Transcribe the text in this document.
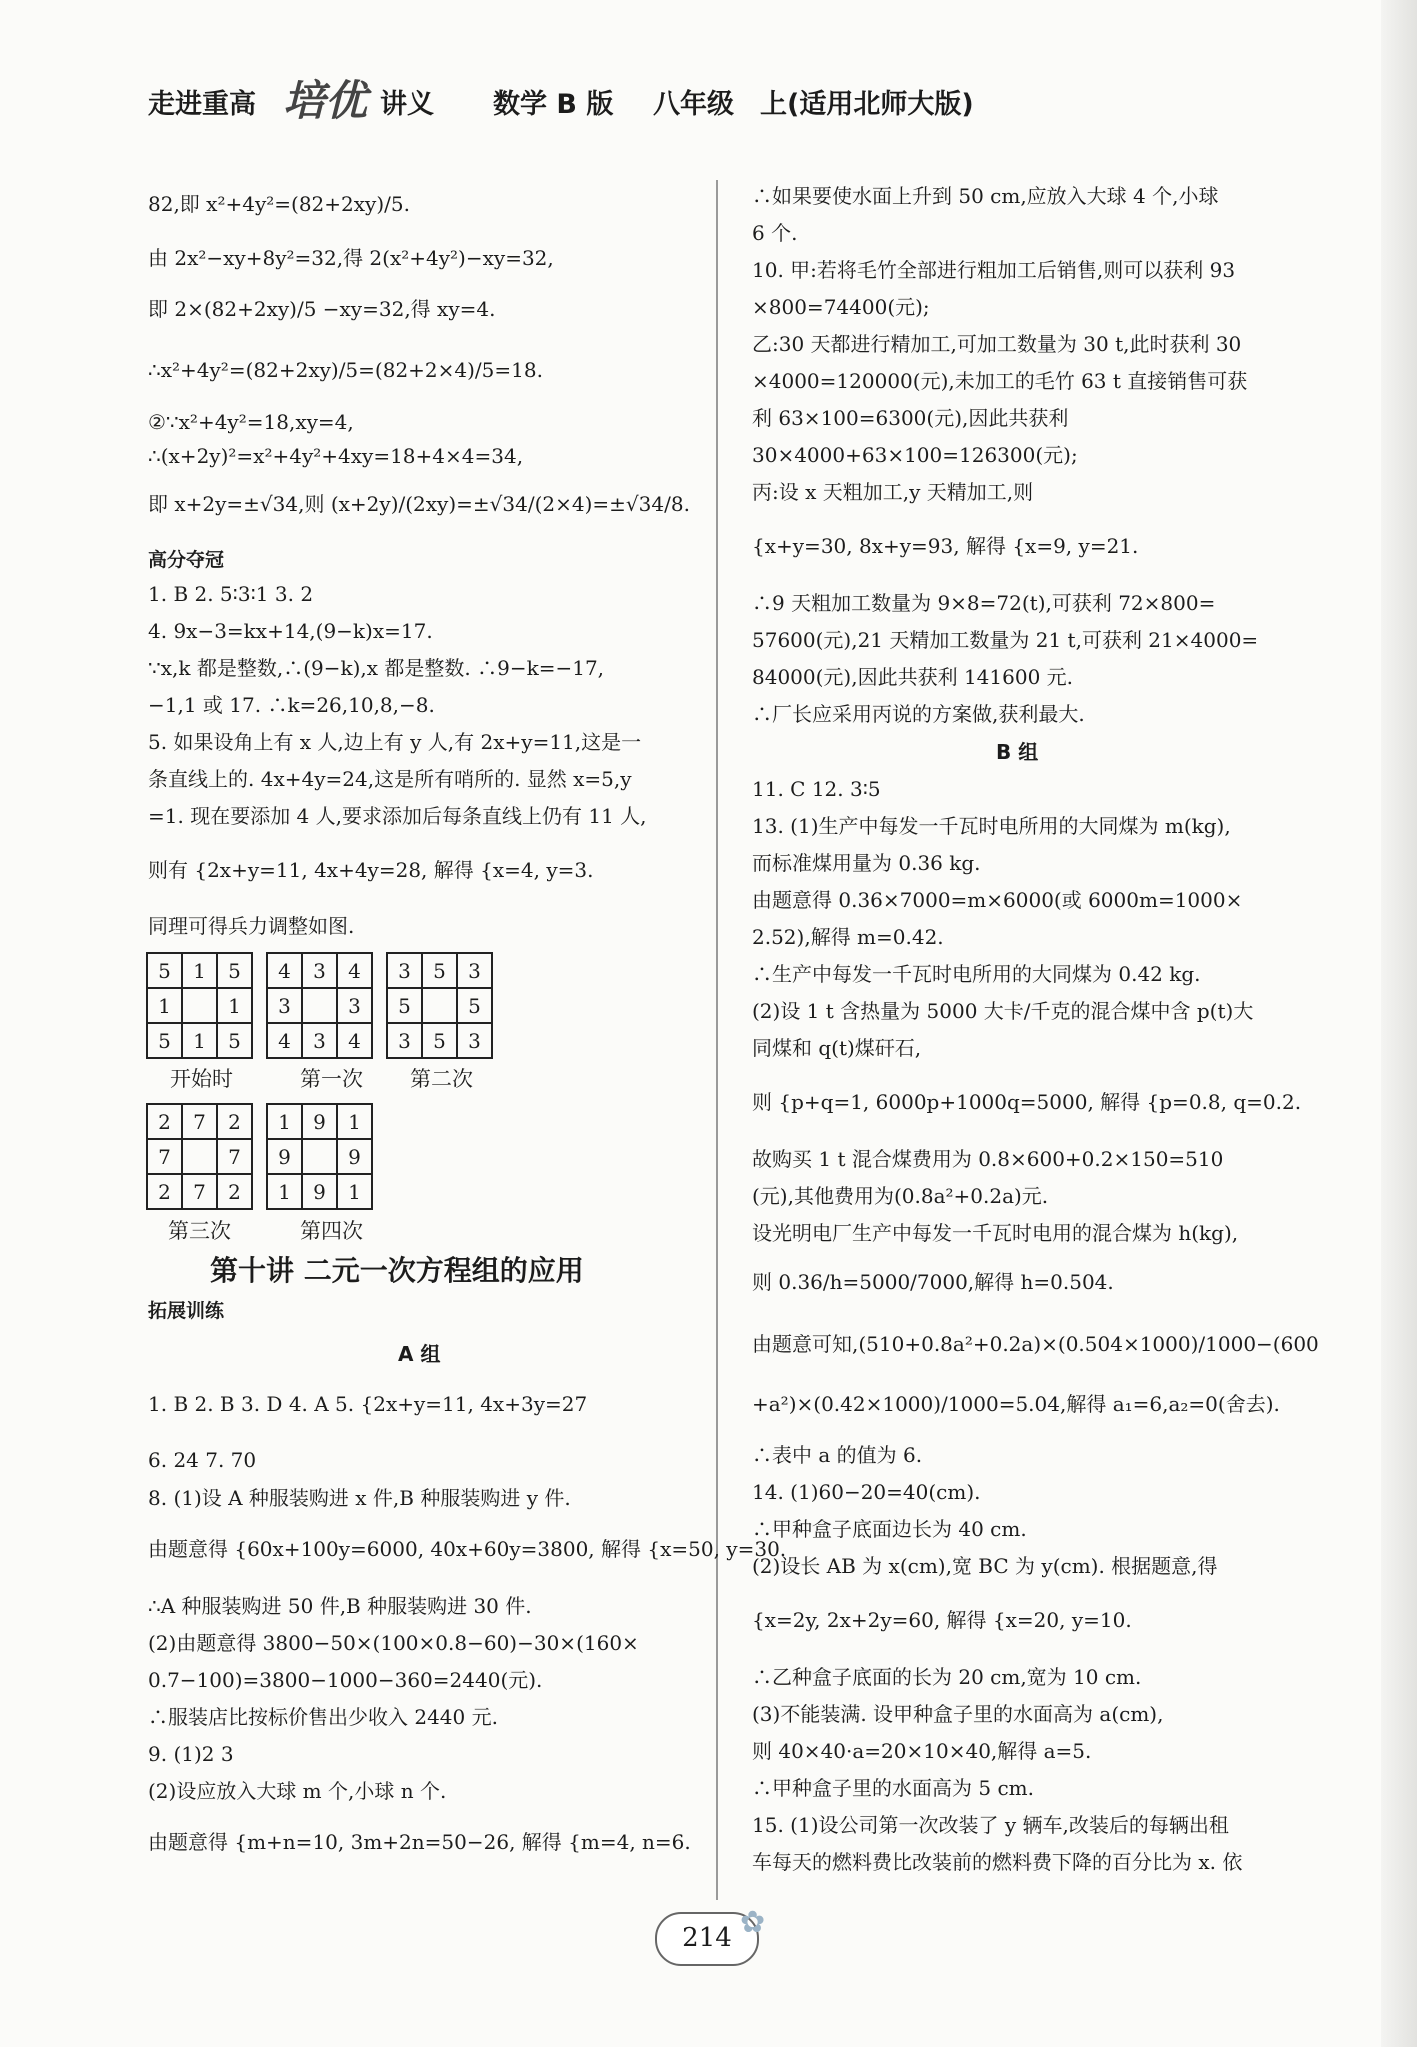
走进重高 培优 讲义 数学 B 版 八年级 上(适用北师大版)
82,即 x²+4y²=(82+2xy)/5.
由 2x²−xy+8y²=32,得 2(x²+4y²)−xy=32,
即 2×(82+2xy)/5 −xy=32,得 xy=4.
∴x²+4y²=(82+2xy)/5=(82+2×4)/5=18.
②∵x²+4y²=18,xy=4,
∴(x+2y)²=x²+4y²+4xy=18+4×4=34,
即 x+2y=±√34,则 (x+2y)/(2xy)=±√34/(2×4)=±√34/8.
高分夺冠
1. B 2. 5∶3∶1 3. 2
4. 9x−3=kx+14,(9−k)x=17.
∵x,k 都是整数,∴(9−k),x 都是整数. ∴9−k=−17,
−1,1 或 17. ∴k=26,10,8,−8.
5. 如果设角上有 x 人,边上有 y 人,有 2x+y=11,这是一
条直线上的. 4x+4y=24,这是所有哨所的. 显然 x=5,y
=1. 现在要添加 4 人,要求添加后每条直线上仍有 11 人,
则有 {2x+y=11, 4x+4y=28, 解得 {x=4, y=3.
同理可得兵力调整如图.
5	1	5
1		1
5	1	5
开始时
4	3	4
3		3
4	3	4
第一次
3	5	3
5		5
3	5	3
第二次
2	7	2
7		7
2	7	2
第三次
1	9	1
9		9
1	9	1
第四次
第十讲 二元一次方程组的应用
拓展训练
A 组
1. B 2. B 3. D 4. A 5. {2x+y=11, 4x+3y=27
6. 24 7. 70
8. (1)设 A 种服装购进 x 件,B 种服装购进 y 件.
由题意得 {60x+100y=6000, 40x+60y=3800, 解得 {x=50, y=30.
∴A 种服装购进 50 件,B 种服装购进 30 件.
(2)由题意得 3800−50×(100×0.8−60)−30×(160×
0.7−100)=3800−1000−360=2440(元).
∴服装店比按标价售出少收入 2440 元.
9. (1)2 3
(2)设应放入大球 m 个,小球 n 个.
由题意得 {m+n=10, 3m+2n=50−26, 解得 {m=4, n=6.
∴如果要使水面上升到 50 cm,应放入大球 4 个,小球
6 个.
10. 甲:若将毛竹全部进行粗加工后销售,则可以获利 93
×800=74400(元);
乙:30 天都进行精加工,可加工数量为 30 t,此时获利 30
×4000=120000(元),未加工的毛竹 63 t 直接销售可获
利 63×100=6300(元),因此共获利
30×4000+63×100=126300(元);
丙:设 x 天粗加工,y 天精加工,则
{x+y=30, 8x+y=93, 解得 {x=9, y=21.
∴9 天粗加工数量为 9×8=72(t),可获利 72×800=
57600(元),21 天精加工数量为 21 t,可获利 21×4000=
84000(元),因此共获利 141600 元.
∴厂长应采用丙说的方案做,获利最大.
B 组
11. C 12. 3∶5
13. (1)生产中每发一千瓦时电所用的大同煤为 m(kg),
而标准煤用量为 0.36 kg.
由题意得 0.36×7000=m×6000(或 6000m=1000×
2.52),解得 m=0.42.
∴生产中每发一千瓦时电所用的大同煤为 0.42 kg.
(2)设 1 t 含热量为 5000 大卡/千克的混合煤中含 p(t)大
同煤和 q(t)煤矸石,
则 {p+q=1, 6000p+1000q=5000, 解得 {p=0.8, q=0.2.
故购买 1 t 混合煤费用为 0.8×600+0.2×150=510
(元),其他费用为(0.8a²+0.2a)元.
设光明电厂生产中每发一千瓦时电用的混合煤为 h(kg),
则 0.36/h=5000/7000,解得 h=0.504.
由题意可知,(510+0.8a²+0.2a)×(0.504×1000)/1000−(600
+a²)×(0.42×1000)/1000=5.04,解得 a₁=6,a₂=0(舍去).
∴表中 a 的值为 6.
14. (1)60−20=40(cm).
∴甲种盒子底面边长为 40 cm.
(2)设长 AB 为 x(cm),宽 BC 为 y(cm). 根据题意,得
{x=2y, 2x+2y=60, 解得 {x=20, y=10.
∴乙种盒子底面的长为 20 cm,宽为 10 cm.
(3)不能装满. 设甲种盒子里的水面高为 a(cm),
则 40×40·a=20×10×40,解得 a=5.
∴甲种盒子里的水面高为 5 cm.
15. (1)设公司第一次改装了 y 辆车,改装后的每辆出租
车每天的燃料费比改装前的燃料费下降的百分比为 x. 依
214 ✿
